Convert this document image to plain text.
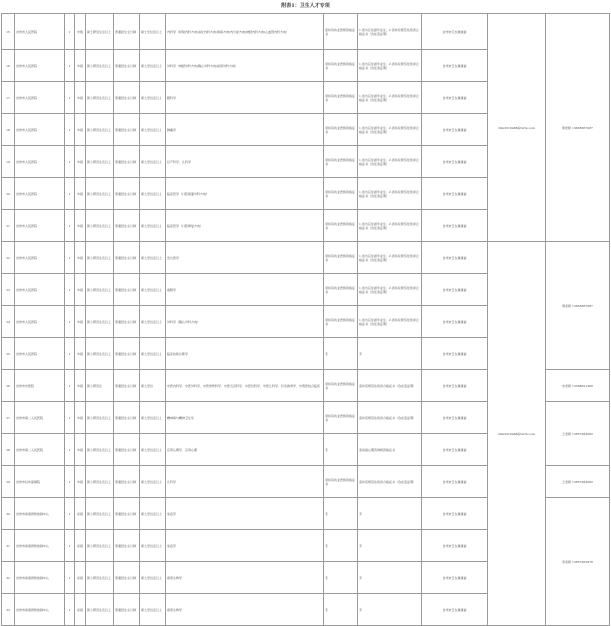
附表1：卫生人才专项
15	台州市人民医院	1	中级	硕士研究生及以上	普通招生全日制	硕士学位及以上	内科学（呼吸内科方向/消化内科方向/肾病方向/内分泌方向/神经内科方向/心血管内科方向）	需持有执业医师资格证书	1.需为应往届毕业生；2.需持有规范化培训合格证书（含在读证明）	台州市卫生健康委	rmk2516468@tzrm.com	周老师 13805867087
16	台州市人民医院	1	中级	硕士研究生及以上	普通招生全日制	硕士学位及以上	外科学（神经外科方向/胸心外科方向/泌尿外科方向）	需持有执业医师资格证书	1.需为应往届毕业生；2.需持有规范化培训合格证书（含在读证明）	台州市卫生健康委		
17	台州市人民医院	1	中级	硕士研究生及以上	普通招生全日制	硕士学位及以上	眼科学	需持有执业医师资格证书	1.需为应往届毕业生；2.需持有规范化培训合格证书（含在读证明）	台州市卫生健康委		
18	台州市人民医院	1	中级	硕士研究生及以上	普通招生全日制	硕士学位及以上	肿瘤学	需持有执业医师资格证书	1.需为应往届毕业生；2.需持有规范化培训合格证书（含在读证明）	台州市卫生健康委		
19	台州市人民医院	1	中级	硕士研究生及以上	普通招生全日制	硕士学位及以上	妇产科学、儿科学	需持有执业医师资格证书	1.需为应往届毕业生；2.需持有规范化培训合格证书（含在读证明）	台州市卫生健康委		
20	台州市人民医院	1	中级	硕士研究生及以上	普通招生全日制	硕士学位及以上	临床医学（口腔颌面外科方向）	需持有执业医师资格证书	1.需为应往届毕业生；2.需持有规范化培训合格证书（含在读证明）	台州市卫生健康委		
21	台州市人民医院	1	中级	硕士研究生及以上	普通招生全日制	硕士学位及以上	临床医学（口腔修复方向）	需持有执业医师资格证书	1.需为应往届毕业生；2.需持有规范化培训合格证书（含在读证明）	台州市卫生健康委		
22	台州市人民医院	1	中级	硕士研究生及以上	普通招生全日制	硕士学位及以上	急诊医学	需持有执业医师资格证书	1.需为应往届毕业生；2.需持有规范化培训合格证书（含在读证明）	台州市卫生健康委	rmk2516468@tzrm.com	周老师 13805867087
23	台州市人民医院	1	中级	硕士研究生及以上	普通招生全日制	硕士学位及以上	麻醉学	需持有执业医师资格证书	1.需为应往届毕业生；2.需持有规范化培训合格证书（含在读证明）	台州市卫生健康委		
24	台州市人民医院	1	中级	硕士研究生及以上	普通招生全日制	硕士学位及以上	外科学（胸心外科方向）	需持有执业医师资格证书	1.需为应往届毕业生；2.需持有规范化培训合格证书（含在读证明）	台州市卫生健康委		
25	台州市人民医院	1	中级	硕士研究生及以上	普通招生全日制	硕士学位及以上	临床检验诊断学	无	无	台州市卫生健康委		
26	台州市中医院	1	中级	硕士研究生	普通招生全日制	硕士学位	中医内科学、中医外科学、中医骨伤科学、中医五官科学、中医妇科学、中医儿科学、针灸推拿学、中西医结合临床	需持有执业医师资格证书	需持有规范化培训合格证书（含在读证明）	台州市卫生健康委		朱老师 13588021360
27	台州市第二人民医院	1	中级	硕士研究生及以上	普通招生全日制	硕士学位及以上	精神病与精神卫生学	需持有执业医师资格证书	需持有规范化培训合格证书（含在读证明）	台州市卫生健康委		王老师 13857263082
28	台州市第二人民医院	1	中级	硕士研究生及以上	普通招生全日制	硕士学位及以上	应用心理学、应用心理	无	需具备心理咨询师资格证书	台州市卫生健康委		
29	台州市妇幼保健院	1	中级	硕士研究生及以上	普通招生全日制	硕士学位及以上	儿科学	需持有执业医师资格证书	需持有规范化培训合格证书（含在读证明）	台州市卫生健康委		王老师 13857263082
30	台州市疾病预防控制中心	1	初级	硕士研究生及以上	普通招生全日制	硕士学位及以上	免疫学	无	无	台州市卫生健康委		李老师 13857262976
31	台州市疾病预防控制中心	1	初级	硕士研究生及以上	普通招生全日制	硕士学位及以上	免疫学	无	无	台州市卫生健康委		
32	台州市疾病预防控制中心	1	初级	硕士研究生及以上	普通招生全日制	硕士学位及以上	病原生物学	无	无	台州市卫生健康委		
33	台州市疾病预防控制中心	1	初级	硕士研究生及以上	普通招生全日制	硕士学位及以上	病原生物学	无	无	台州市卫生健康委		
